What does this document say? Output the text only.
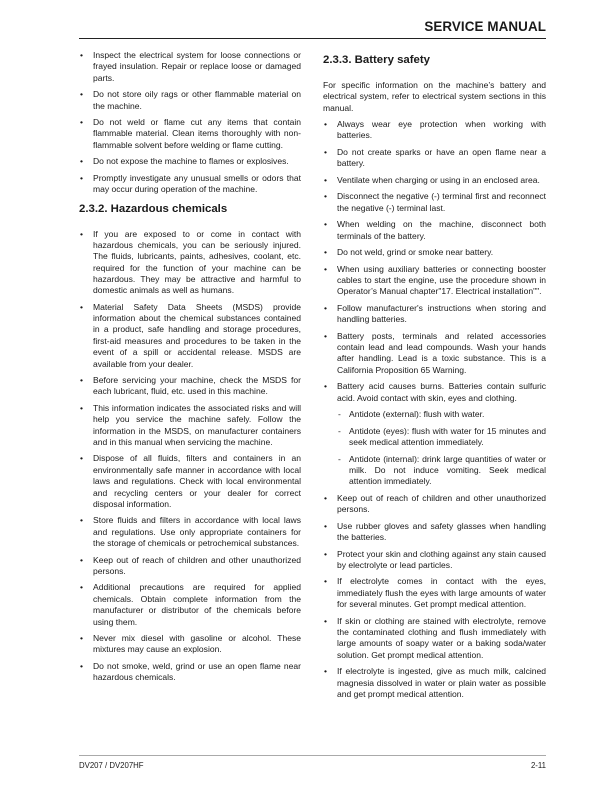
SERVICE MANUAL
• Inspect the electrical system for loose connections or frayed insulation. Repair or replace loose or damaged parts.
• Do not store oily rags or other flammable material on the machine.
• Do not weld or flame cut any items that contain flammable material. Clean items thoroughly with non-flammable solvent before welding or flame cutting.
• Do not expose the machine to flames or explosives.
• Promptly investigate any unusual smells or odors that may occur during operation of the machine.
2.3.2. Hazardous chemicals
• If you are exposed to or come in contact with hazardous chemicals, you can be seriously injured. The fluids, lubricants, paints, adhesives, coolant, etc. required for the function of your machine can be hazardous. They may be attractive and harmful to domestic animals as well as humans.
• Material Safety Data Sheets (MSDS) provide information about the chemical substances contained in a product, safe handling and storage procedures, first-aid measures and procedures to be taken in the event of a spill or accidental release. MSDS are available from your dealer.
• Before servicing your machine, check the MSDS for each lubricant, fluid, etc. used in this machine.
• This information indicates the associated risks and will help you service the machine safely. Follow the information in the MSDS, on manufacturer containers and in this manual when servicing the machine.
• Dispose of all fluids, filters and containers in an environmentally safe manner in accordance with local laws and regulations. Check with local environmental and recycling centers or your dealer for correct disposal information.
• Store fluids and filters in accordance with local laws and regulations. Use only appropriate containers for the storage of chemicals or petrochemical substances.
• Keep out of reach of children and other unauthorized persons.
• Additional precautions are required for applied chemicals. Obtain complete information from the manufacturer or distributor of the chemicals before using them.
• Never mix diesel with gasoline or alcohol. These mixtures may cause an explosion.
• Do not smoke, weld, grind or use an open flame near hazardous chemicals.
2.3.3. Battery safety

For specific information on the machine’s battery and electrical system, refer to electrical system sections in this manual.

• Always wear eye protection when working with batteries.
• Do not create sparks or have an open flame near a battery.
• Ventilate when charging or using in an enclosed area.
• Disconnect the negative (-) terminal first and reconnect the negative (-) terminal last.
• When welding on the machine, disconnect both terminals of the battery.
• Do not weld, grind or smoke near battery.
• When using auxiliary batteries or connecting booster cables to start the engine, use the procedure shown in Operator’s Manual chapter"17. Electrical installation"".
• Follow manufacturer's instructions when storing and handling batteries.
• Battery posts, terminals and related accessories contain lead and lead compounds. Wash your hands after handling. Lead is a toxic substance. This is a California Proposition 65 Warning.
• Battery acid causes burns. Batteries contain sulfuric acid. Avoid contact with skin, eyes and clothing.
- Antidote (external): flush with water.
- Antidote (eyes): flush with water for 15 minutes and seek medical attention immediately.
- Antidote (internal): drink large quantities of water or milk. Do not induce vomiting. Seek medical attention immediately.
• Keep out of reach of children and other unauthorized persons.
• Use rubber gloves and safety glasses when handling the batteries.
• Protect your skin and clothing against any stain caused by electrolyte or lead particles.
• If electrolyte comes in contact with the eyes, immediately flush the eyes with large amounts of water for several minutes. Get prompt medical attention.
• If skin or clothing are stained with electrolyte, remove the contaminated clothing and flush immediately with large amounts of soapy water or a baking soda/water solution. Get prompt medical attention.
• If electrolyte is ingested, give as much milk, calcined magnesia dissolved in water or plain water as possible and get prompt medical attention.
DV207 / DV207HF	2-11
